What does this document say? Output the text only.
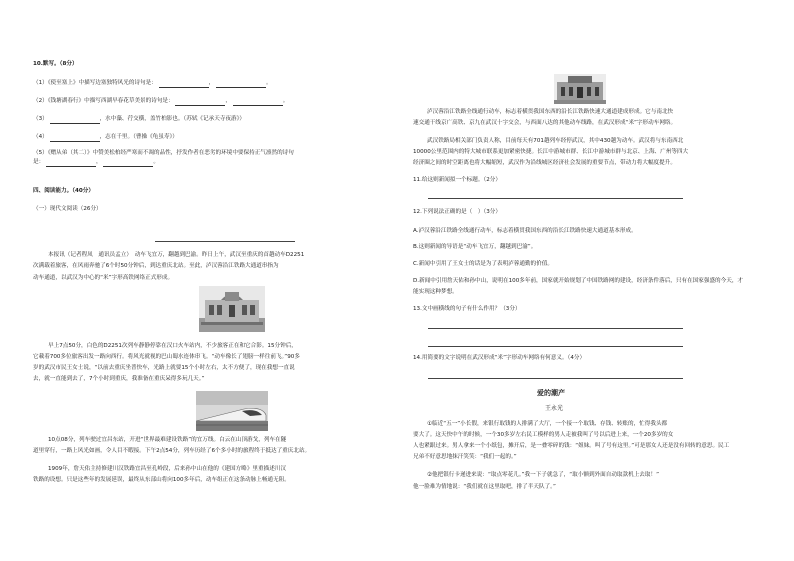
10.默写。（8分）

（1）《使至塞上》中描写边塞独特风光的诗句是：	，	。

（2）《钱塘湖春行》中描写西湖早春花草美景的诗句是：	，	。

（3）	，水中藻、荇交横，盖竹柏影也。（苏轼《记承天寺夜游》）

（4）	，志在千里。（曹操《龟虽寿》）

（5）《赠从弟（其二）》中赞美松柏经严寒而不凋的品性，抒发作者在恶劣的环境中要保持正气凛然的诗句

是：	，	。

四、阅读能力。（40分）

（一）现代文阅读（26分）

本报讯（记者程凤　通讯员孟立）　动车飞宜万，翻越到巴渝。昨日上午，武汉至重庆的首趟动车D2251

次满载着旅客，在风雨奔驰了6个时50分钟后，到达重庆北站。至此，泸汉蓉沿江铁路大通道串指为

动车通道，以武汉为中心的“米”字形高铁网络正式形成。

早上7点50分，白色的D2251次列车静静停靠在汉口火车站内，不少旅客正在和它合影。15分钟后，

它載着700多位旅客出发一路向西行。将风光就视的巴山蜀水连体串飞。“动车像长了翅膀一样往前飞。”90多

岁的武汉市民王女士说，“以前去重庆坐普快车，光路上就要15个小时左右，太不方便了，现在我想一直说

去，就一直能到去了，7个小时到重庆，我准备在重庆呆得多玩几天。”

10点08分，列车驶过宜昌东站，开进“世界最难建设铁路”的宜万线。白云在山顶游戈，列车在隧

道里穿行，一路上风光如画，令人目不暇接。下午2点54分，列车历经了6个多小时的旅程终于抵达了重庆北站。

1909年，詹天佑主持修建川汉铁路宜昌至孔岭段，后来孙中山在他的《建国方略》里重描述川汉

铁路的设想。只是这些年的发展延误，最终从东部山将向100多年后，动车组正在这条动脉上畅通无阻。

泸汉蓉沿江铁路全线通行动车，标志着横贯我国东西的沿长江铁路快速大通道建成形成。它与南北快

速交通干线京广高铁、京九在武汉十字交会，与西面八达的其他动车线路，在武汉形成“米”字形动车网络。

武汉铁路局相关部门负责人称，目前每天有701趟列车经停武汉，其中430趟为动车。武汉将与东南西北

10000公里范围内的特大城市联系更加紧密快捷。长江中游城市群、长江中游城市群与北京、上海、广州等四大

经济圈之间的时空距离也将大幅缩短，武汉作为沿线城区经济社会发展的重要节点，带动力将大幅度提升。

11.给这则新闻拟一个标题。（2分）

12.下列说法正确的是（　）（3分）

A.泸汉蓉沿江铁路全线通行动车，标志着横贯我国东西的沿长江铁路快速大通道基本形成。

B.这则新闻的导语是“动车飞宜万，翻越到巴渝”。

C.新闻中引用了王女士的话是为了表明泸蓉通勤的价值。

D.新闻中引用詹天佑和孙中山，说明在100多年前，国家就开始规划了中国铁路网的建设，经济条件落后，只有在国家强盛的今天，才

能实现这种梦想。

13.文中画横线的句子有什么作用？（3分）

14.用简要的文字说明在武汉形成“米”字形动车网络有何意义。（4分）

爱的潮产

王永光

①临近“五一”小长假，来银行取钱的人排满了大厅，一个接一个取钱、存钱、转账的，忙得我头都

要大了。这天快中午的时候，一个30多岁左右民工模样的男人走被我叫了号以后进上来，一个20多岁的女

人也紧跟过来。男人拿来一个小纸包，摊开后，是一叠零碎的钱：“姐妹。叫了号有这里。”可是那女人还是没有回转的意思。民工

兄弟不好意思地抹汗笑笑：“我们一起的。”

②他把银行卡递进来说：“取点零花儿。”我一下子就急了，“取小额到外面自动取款机上去取！”

他一脸难为情地说：“我们就在这里取吧，排了半天队了。”
